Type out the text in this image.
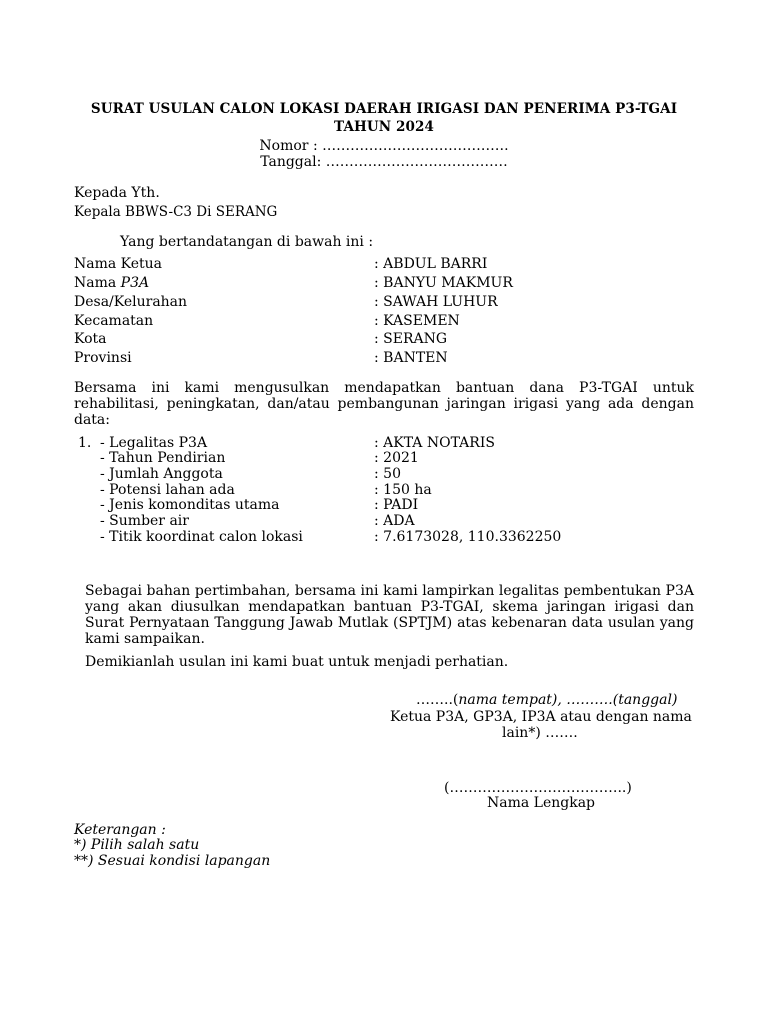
SURAT USULAN CALON LOKASI DAERAH IRIGASI DAN PENERIMA P3-TGAI
TAHUN 2024
Nomor : ………………………………….
Tanggal: …………………………………
Kepada Yth.
Kepala BBWS-C3 Di SERANG
Yang bertandatangan di bawah ini :
Nama Ketua	: ABDUL BARRI
Nama P3A	: BANYU MAKMUR
Desa/Kelurahan	: SAWAH LUHUR
Kecamatan	: KASEMEN
Kota	: SERANG
Provinsi	: BANTEN
Bersama ini kami mengusulkan mendapatkan bantuan dana P3-TGAI untuk
rehabilitasi, peningkatan, dan/atau pembangunan jaringan irigasi yang ada dengan
data:
1. - Legalitas P3A	: AKTA NOTARIS
- Tahun Pendirian	: 2021
- Jumlah Anggota	: 50
- Potensi lahan ada	: 150 ha
- Jenis komonditas utama	: PADI
- Sumber air	: ADA
- Titik koordinat calon lokasi	: 7.6173028, 110.3362250
Sebagai bahan pertimbahan, bersama ini kami lampirkan legalitas pembentukan P3A
yang akan diusulkan mendapatkan bantuan P3-TGAI, skema jaringan irigasi dan
Surat Pernyataan Tanggung Jawab Mutlak (SPTJM) atas kebenaran data usulan yang
kami sampaikan.
Demikianlah usulan ini kami buat untuk menjadi perhatian.
……..(nama tempat), ……….(tanggal)
Ketua P3A, GP3A, IP3A atau dengan nama
lain*) …….
(………………………………..)
Nama Lengkap
Keterangan :
*) Pilih salah satu
**) Sesuai kondisi lapangan
